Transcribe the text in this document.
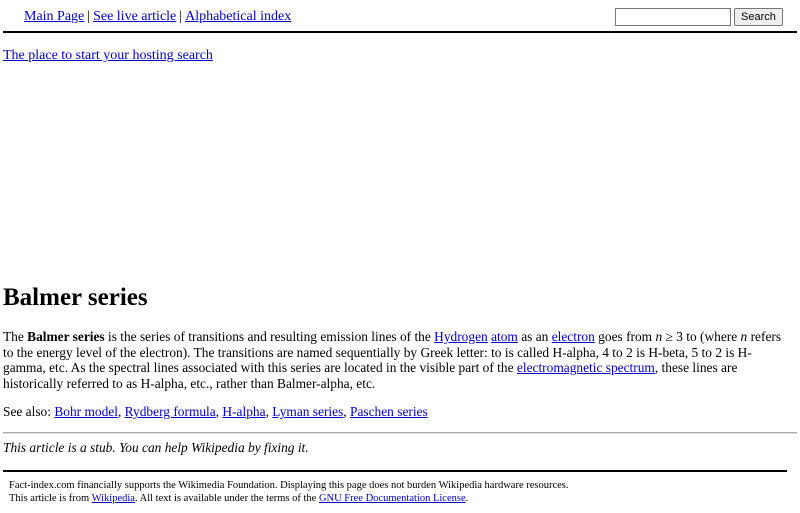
Main Page | See live article | Alphabetical index	Search
The place to start your hosting search
Balmer series

The Balmer series is the series of transitions and resulting emission lines of the Hydrogen atom as an electron goes from n ≥ 3 to (where n refers to the energy level of the electron). The transitions are named sequentially by Greek letter: to is called H-alpha, 4 to 2 is H-beta, 5 to 2 is H-gamma, etc. As the spectral lines associated with this series are located in the visible part of the electromagnetic spectrum, these lines are historically referred to as H-alpha, etc., rather than Balmer-alpha, etc.

See also: Bohr model, Rydberg formula, H-alpha, Lyman series, Paschen series

This article is a stub. You can help Wikipedia by fixing it.

Fact-index.com financially supports the Wikimedia Foundation. Displaying this page does not burden Wikipedia hardware resources.
This article is from Wikipedia. All text is available under the terms of the GNU Free Documentation License.
